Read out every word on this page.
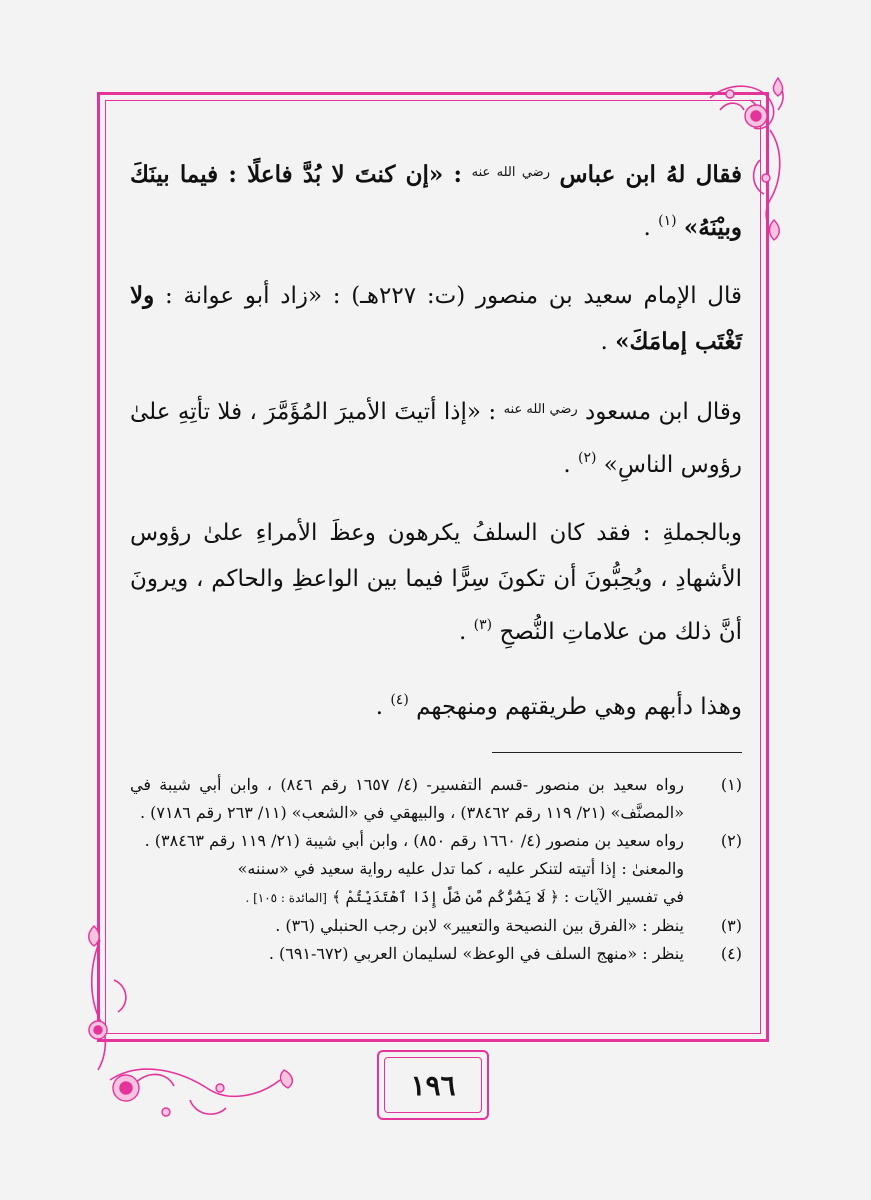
فقال لهُ ابن عباس $^{رضي الله عنه}$ : «إن كنتَ لا بُدَّ فاعلًا : فيما بينَكَ وبيْنَهُ» $^{(١)}$ .

قال الإمام سعيد بن منصور (ت: ٢٢٧هـ) : «زاد أبو عوانة : ولا تَغْتَب إمامَكَ» .

وقال ابن مسعود $^{رضي الله عنه}$ : «إذا أتيتَ الأميرَ المُؤَمَّرَ ، فلا تأتِهِ علىٰ رؤوس الناسِ» $^{(٢)}$ .

وبالجملةِ : فقد كان السلفُ يكرهون وعظَ الأمراءِ علىٰ رؤوس الأشهادِ ، ويُحِبُّونَ أن تكونَ سِرًّا فيما بين الواعظِ والحاكم ، ويرونَ أنَّ ذلك من علاماتِ النُّصحِ $^{(٣)}$ .

وهذا دأبهم وهي طريقتهم ومنهجهم $^{(٤)}$ .

(١)
رواه سعيد بن منصور -قسم التفسير- (٤/ ١٦٥٧ رقم ٨٤٦) ، وابن أبي شيبة في «المصنَّف» (٢١/ ١١٩ رقم ٣٨٤٦٢) ، والبيهقي في «الشعب» (١١/ ٢٦٣ رقم ٧١٨٦) .
(٢)
رواه سعيد بن منصور (٤/ ١٦٦٠ رقم ٨٥٠) ، وابن أبي شيبة (٢١/ ١١٩ رقم ٣٨٤٦٣) .
والمعنىٰ : إذا أتيته لتنكر عليه ، كما تدل عليه رواية سعيد في «سننه»
في تفسير الآيات : ﴿ لَا يَضُرُّكُم مَّن ضَلَّ إِذَا ٱهْتَدَيْتُمْ ﴾ [المائدة : ١٠٥] .
(٣)
ينظر : «الفرق بين النصيحة والتعيير» لابن رجب الحنبلي (٣٦) .
(٤)
ينظر : «منهج السلف في الوعظ» لسليمان العربي (٦٧٢-٦٩١) .
١٩٦
